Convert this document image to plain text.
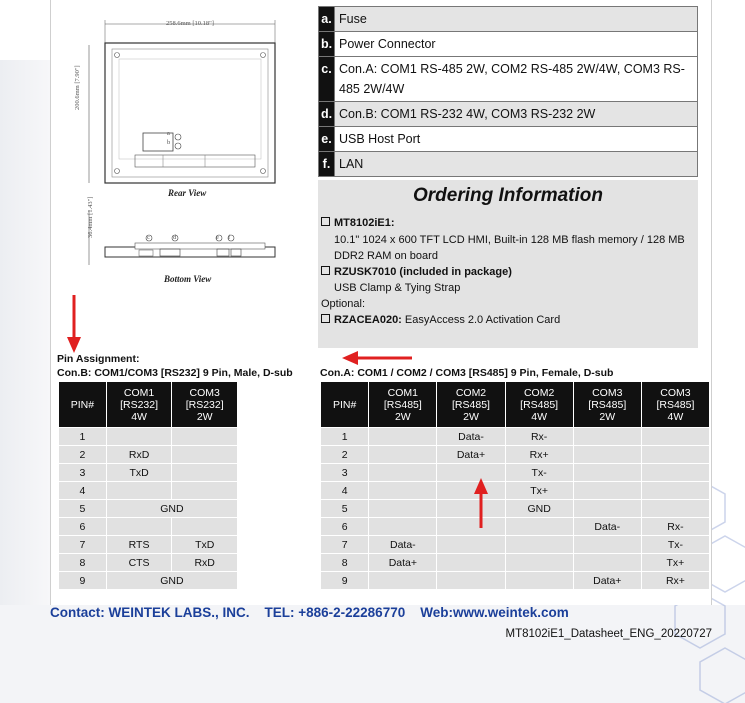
258.6mm [10.18"]
200.6mm [7.90"]
Rear View
36.4mm [1.43"]
Bottom View
a
b
c	d	e f
a.	Fuse
b.	Power Connector
c.	Con.A: COM1 RS-485 2W, COM2 RS-485 2W/4W, COM3 RS-485 2W/4W
d.	Con.B: COM1 RS-232 4W, COM3 RS-232 2W
e.	USB Host Port
f.	LAN
Ordering Information
MT8102iE1:
10.1" 1024 x 600 TFT LCD HMI, Built-in 128 MB flash memory / 128 MB
DDR2 RAM on board
RZUSK7010 (included in package)
USB Clamp & Tying Strap
Optional:
RZACEA020: EasyAccess 2.0 Activation Card
Pin Assignment:
Con.B: COM1/COM3 [RS232] 9 Pin, Male, D-sub	Con.A: COM1 / COM2 / COM3 [RS485] 9 Pin, Female, D-sub
PIN#	COM1
[RS232]
4W	COM3
[RS232]
2W
1		
2	RxD	
3	TxD	
4		
5	GND	
6		
7	RTS	TxD
8	CTS	RxD
9	GND	
PIN#	COM1
[RS485]
2W	COM2
[RS485]
2W	COM2
[RS485]
4W	COM3
[RS485]
2W	COM3
[RS485]
4W
1		Data-	Rx-		
2		Data+	Rx+		
3			Tx-		
4			Tx+		
5			GND		
6				Data-	Rx-
7	Data-				Tx-
8	Data+				Tx+
9				Data+	Rx+
Contact: WEINTEK LABS., INC.    TEL: +886-2-22286770    Web:www.weintek.com
MT8102iE1_Datasheet_ENG_20220727
